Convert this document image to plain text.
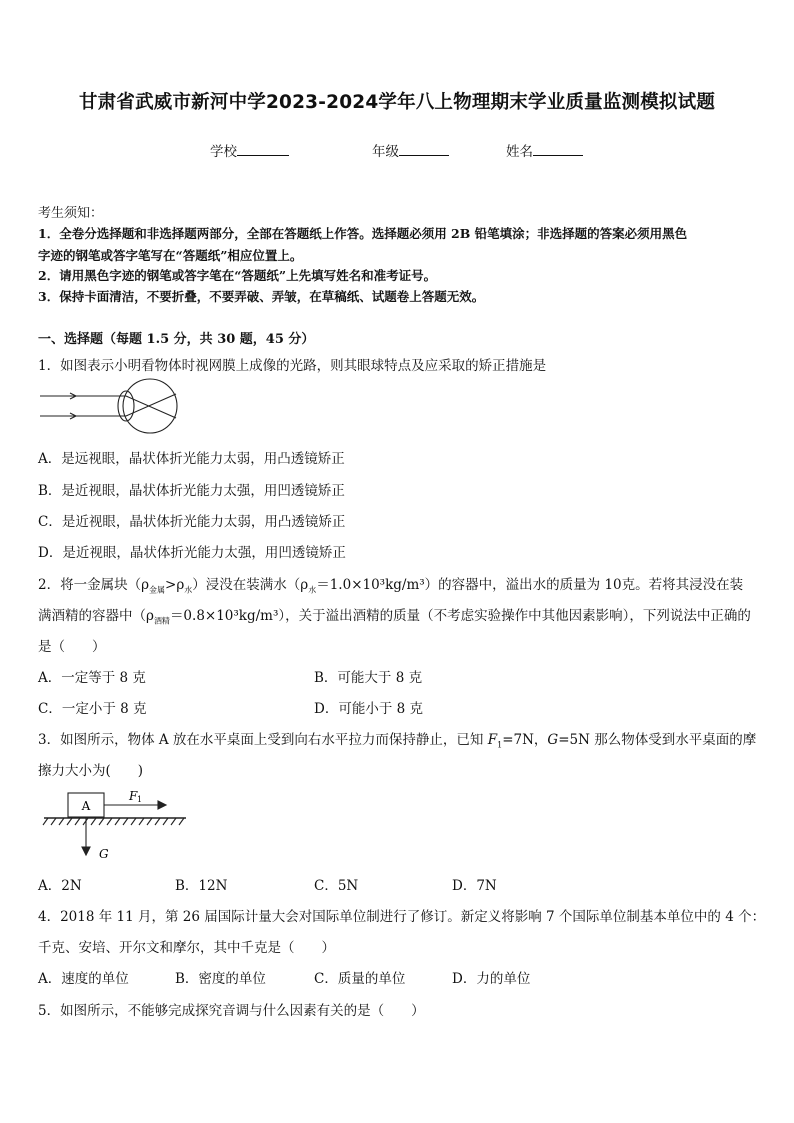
甘肃省武威市新河中学2023-2024学年八上物理期末学业质量监测模拟试题
学校	年级	姓名
考生须知：
1．全卷分选择题和非选择题两部分，全部在答题纸上作答。选择题必须用 2B 铅笔填涂；非选择题的答案必须用黑色
字迹的钢笔或答字笔写在“答题纸”相应位置上。
2．请用黑色字迹的钢笔或答字笔在“答题纸”上先填写姓名和准考证号。
3．保持卡面清洁，不要折叠，不要弄破、弄皱，在草稿纸、试题卷上答题无效。
一、选择题（每题 1.5 分，共 30 题，45 分）
1．如图表示小明看物体时视网膜上成像的光路，则其眼球特点及应采取的矫正措施是
A．是远视眼，晶状体折光能力太弱，用凸透镜矫正
B．是近视眼，晶状体折光能力太强，用凹透镜矫正
C．是近视眼，晶状体折光能力太弱，用凸透镜矫正
D．是近视眼，晶状体折光能力太强，用凹透镜矫正
2．将一金属块$(\rho_{金属}>\rho_水)$浸没在装满水$(\rho_水=1.0\times 10^3kg/m^3)$的容器中，溢出水的质量为 10克。若将其浸没在装
满酒精的容器中$(\rho_{酒精}=0.8\times 10^3kg/m^3)$，关于溢出酒精的质量（不考虑实验操作中其他因素影响），下列说法中正确的
是（　　）
A．一定等于 8 克	B．可能大于 8 克
C．一定小于 8 克	D．可能小于 8 克
3．如图所示，物体 A 放在水平桌面上受到向右水平拉力而保持静止，已知 $F_1=7N$，G=5N 那么物体受到水平桌面的摩
擦力大小为(　　)
A
F 1
G
A．2N	B．12N	C．5N	D．7N
4．2018 年 11 月，第 26 届国际计量大会对国际单位制进行了修订。新定义将影响 7 个国际单位制基本单位中的 4 个：
千克、安培、开尔文和摩尔，其中千克是（　　）
A．速度的单位	B．密度的单位	C．质量的单位	D．力的单位
5．如图所示，不能够完成探究音调与什么因素有关的是（　　）
